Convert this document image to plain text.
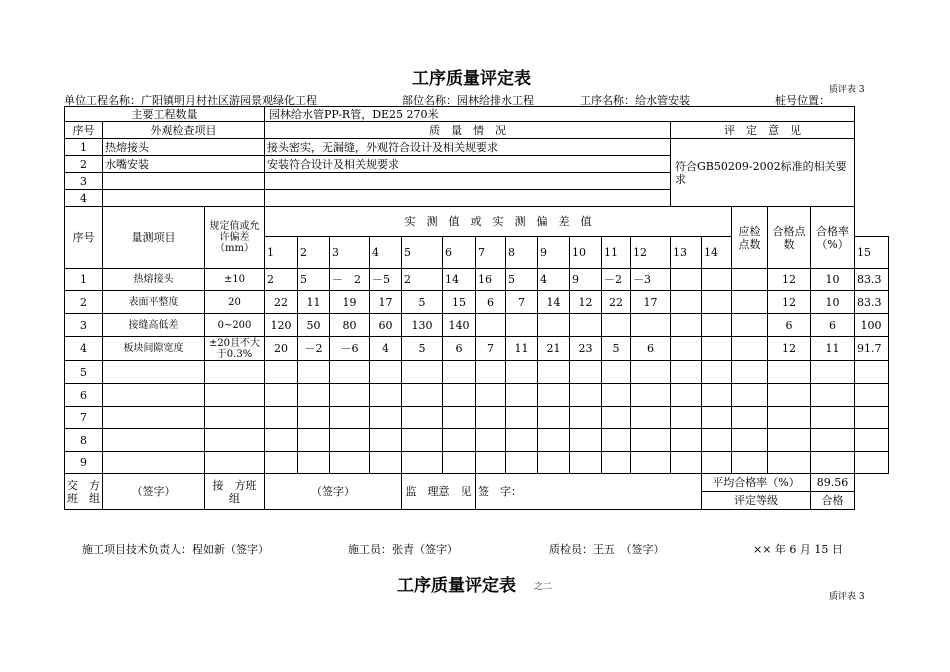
工序质量评定表
质评表 3
单位工程名称：广阳镇明月村社区游园景观绿化工程	部位名称：园林给排水工程	工序名称：给水管安装	桩号位置：
主要工程数量			园林给水管PP-R管，DE25 270米																	
序号	外观检查项目		质　量　情　况												评　定　意　见					
1	热熔接头		接头密实，无漏缝，外观符合设计及相关规要求												符合GB50209-2002标准的相关要求					
2	水嘴安装		安装符合设计及相关规要求																	
3																				
4																				
序号	量测项目	规定值或允许偏差（mm）	实　测　值　或　实　测　偏　差　值														应检点数	合格点数	合格率（%）	
			1	2	3	4	5	6	7	8	9	10	11	12	13	14				15
1	热熔接头	±10	2	5	－　2	－5	2	14	16	5	4	9	－2	－3				12	10	83.3
2	表面平整度	20	22	11	19	17	5	15	6	7	14	12	22	17				12	10	83.3
3	接缝高低差	0~200	120	50	80	60	130	140										6	6	100
4	板块间隙宽度	±20且不大于0.3%	20	－2	－6	4	5	6	7	11	21	23	5	6				12	11	91.7
5																				
6																				
7																				
8																				
9																				
交　方班　组	（签字）	接　方班　组	（签字）				监　理意　见		签　字：							平均合格率（%）			89.56	
																评定等级			合格	
施工项目技术负责人：程如新（签字）	施工员：张青（签字）	质检员：王五　（签字）	×× 年 6 月 15 日
工序质量评定表 之二
质评表 3
